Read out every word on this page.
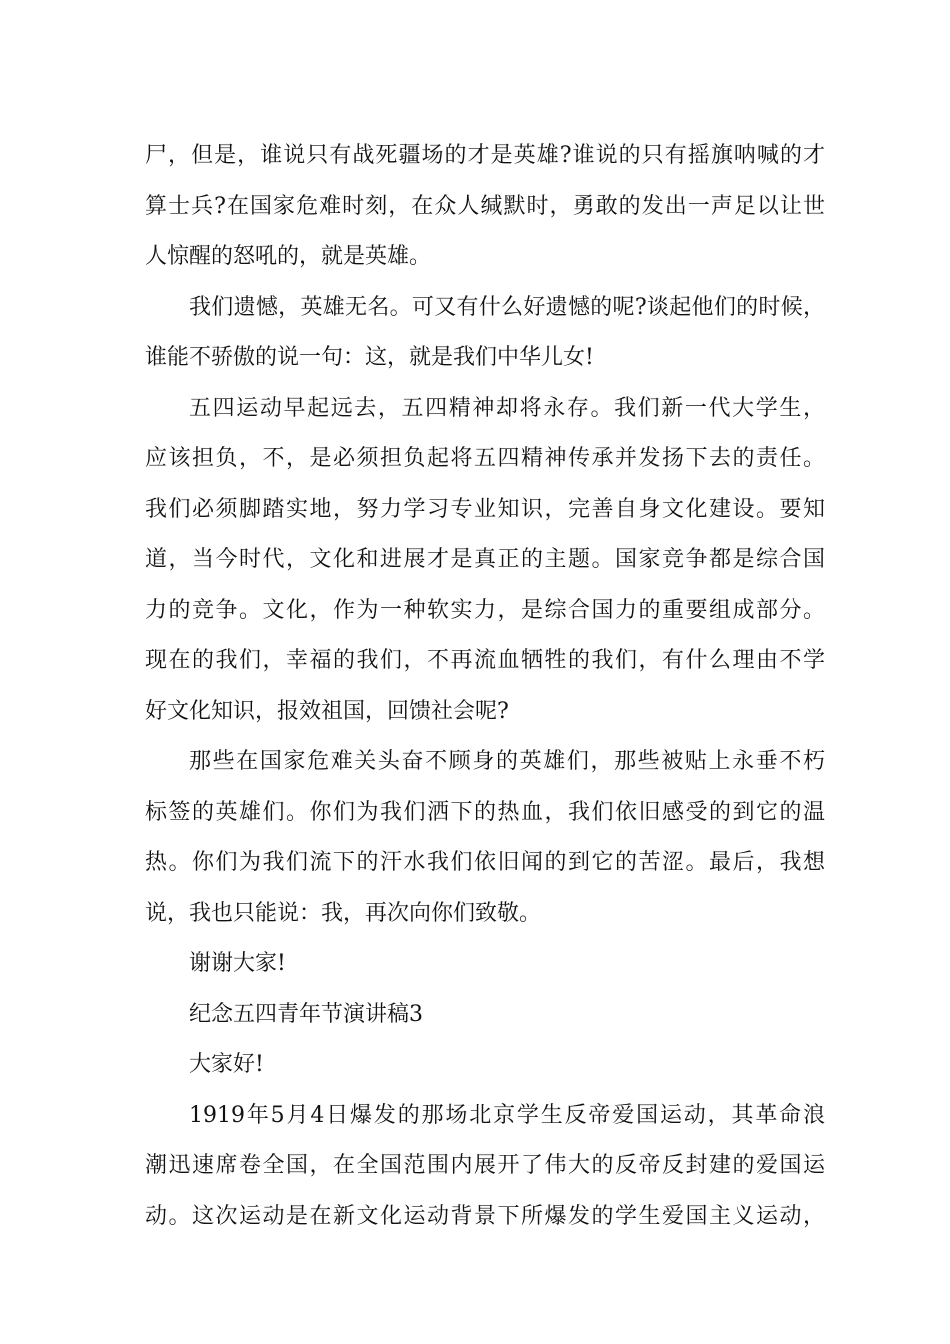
尸，但是，谁说只有战死疆场的才是英雄?谁说的只有摇旗呐喊的才
算士兵?在国家危难时刻，在众人缄默时，勇敢的发出一声足以让世
人惊醒的怒吼的，就是英雄。
我们遗憾，英雄无名。可又有什么好遗憾的呢?谈起他们的时候，
谁能不骄傲的说一句：这，就是我们中华儿女!
五四运动早起远去，五四精神却将永存。我们新一代大学生，
应该担负，不，是必须担负起将五四精神传承并发扬下去的责任。
我们必须脚踏实地，努力学习专业知识，完善自身文化建设。要知
道，当今时代，文化和进展才是真正的主题。国家竞争都是综合国
力的竞争。文化，作为一种软实力，是综合国力的重要组成部分。
现在的我们，幸福的我们，不再流血牺牲的我们，有什么理由不学
好文化知识，报效祖国，回馈社会呢?
那些在国家危难关头奋不顾身的英雄们，那些被贴上永垂不朽
标签的英雄们。你们为我们洒下的热血，我们依旧感受的到它的温
热。你们为我们流下的汗水我们依旧闻的到它的苦涩。最后，我想
说，我也只能说：我，再次向你们致敬。
谢谢大家!
纪念五四青年节演讲稿3
大家好!
1919年5月4日爆发的那场北京学生反帝爱国运动，其革命浪
潮迅速席卷全国，在全国范围内展开了伟大的反帝反封建的爱国运
动。这次运动是在新文化运动背景下所爆发的学生爱国主义运动，
